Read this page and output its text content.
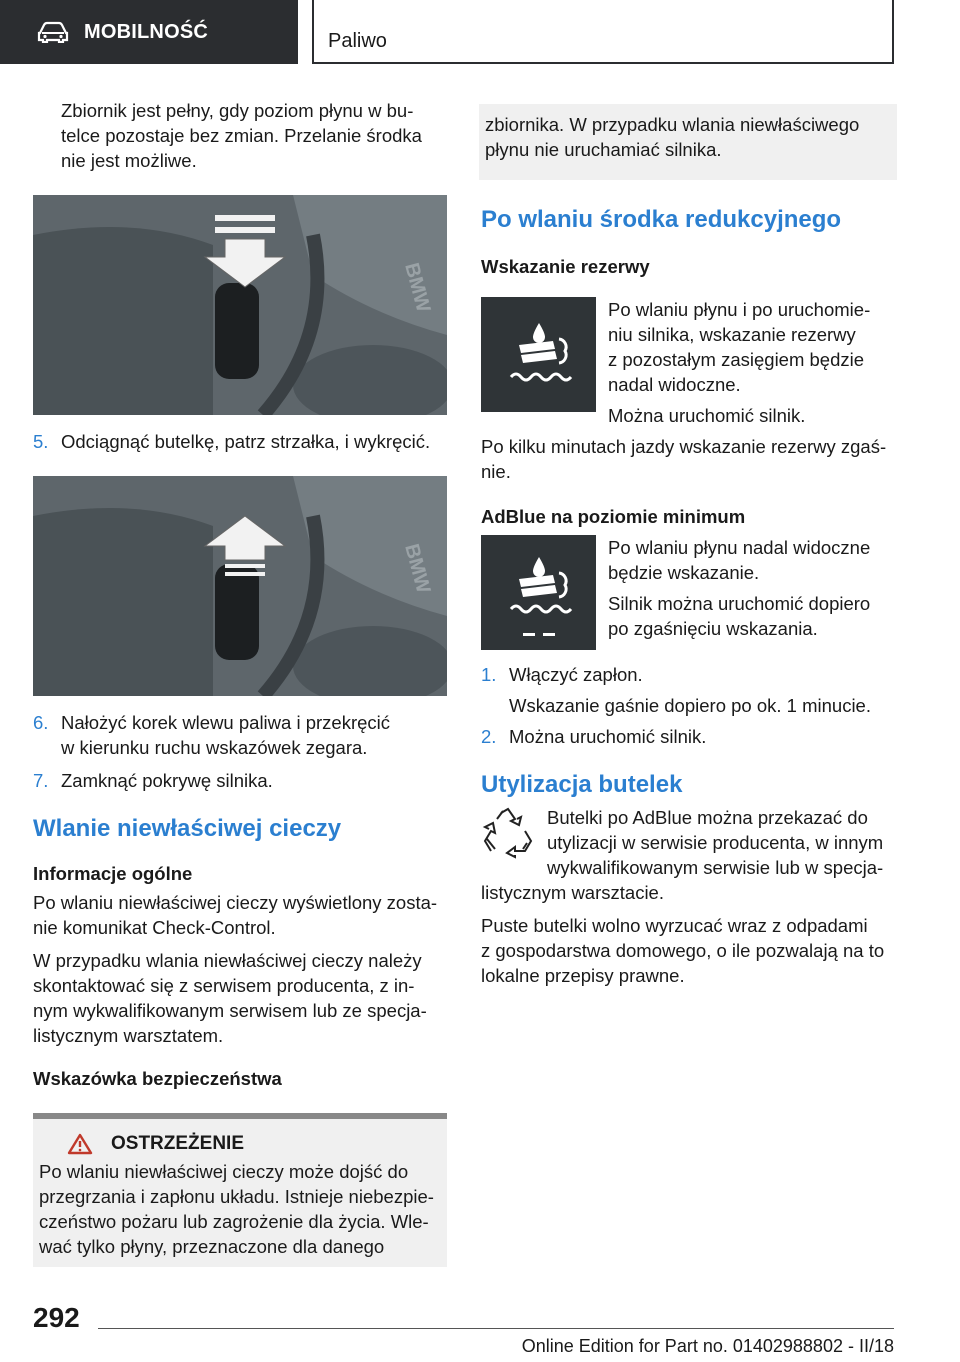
MOBILNOŚĆ	Paliwo

Zbiornik jest pełny, gdy poziom płynu w bu-

telce pozostaje bez zmian. Przelanie środka

nie jest możliwe.

BMW
5. Odciągnąć butelkę, patrz strzałka, i wykręcić.
BMW
6. Nałożyć korek wlewu paliwa i przekręcić
w kierunku ruchu wskazówek zegara.
7. Zamknąć pokrywę silnika.
Wlanie niewłaściwej cieczy
Informacje ogólne

Po wlaniu niewłaściwej cieczy wyświetlony zosta-

nie komunikat Check-Control.

W przypadku wlania niewłaściwej cieczy należy

skontaktować się z serwisem producenta, z in-

nym wykwalifikowanym serwisem lub ze specja-

listycznym warsztatem.

Wskazówka bezpieczeństwa
OSTRZEŻENIE

Po wlaniu niewłaściwej cieczy może dojść do

przegrzania i zapłonu układu. Istnieje niebezpie-

czeństwo pożaru lub zagrożenie dla życia. Wle-

wać tylko płyny, przeznaczone dla danego

zbiornika. W przypadku wlania niewłaściwego

płynu nie uruchamiać silnika.

Po wlaniu środka redukcyjnego
Wskazanie rezerwy

Po wlaniu płynu i po uruchomie-

niu silnika, wskazanie rezerwy

z pozostałym zasięgiem będzie

nadal widoczne.

Można uruchomić silnik.

Po kilku minutach jazdy wskazanie rezerwy zgaś-

nie.

AdBlue na poziomie minimum

Po wlaniu płynu nadal widoczne

będzie wskazanie.

Silnik można uruchomić dopiero

po zgaśnięciu wskazania.

1. Włączyć zapłon.

Wskazanie gaśnie dopiero po ok. 1 minucie.

2. Można uruchomić silnik.
Utylizacja butelek

Butelki po AdBlue można przekazać do

utylizacji w serwisie producenta, w innym

wykwalifikowanym serwisie lub w specja-

listycznym warsztacie.

Puste butelki wolno wyrzucać wraz z odpadami

z gospodarstwa domowego, o ile pozwalają na to

lokalne przepisy prawne.

292
Online Edition for Part no. 01402988802 - II/18
